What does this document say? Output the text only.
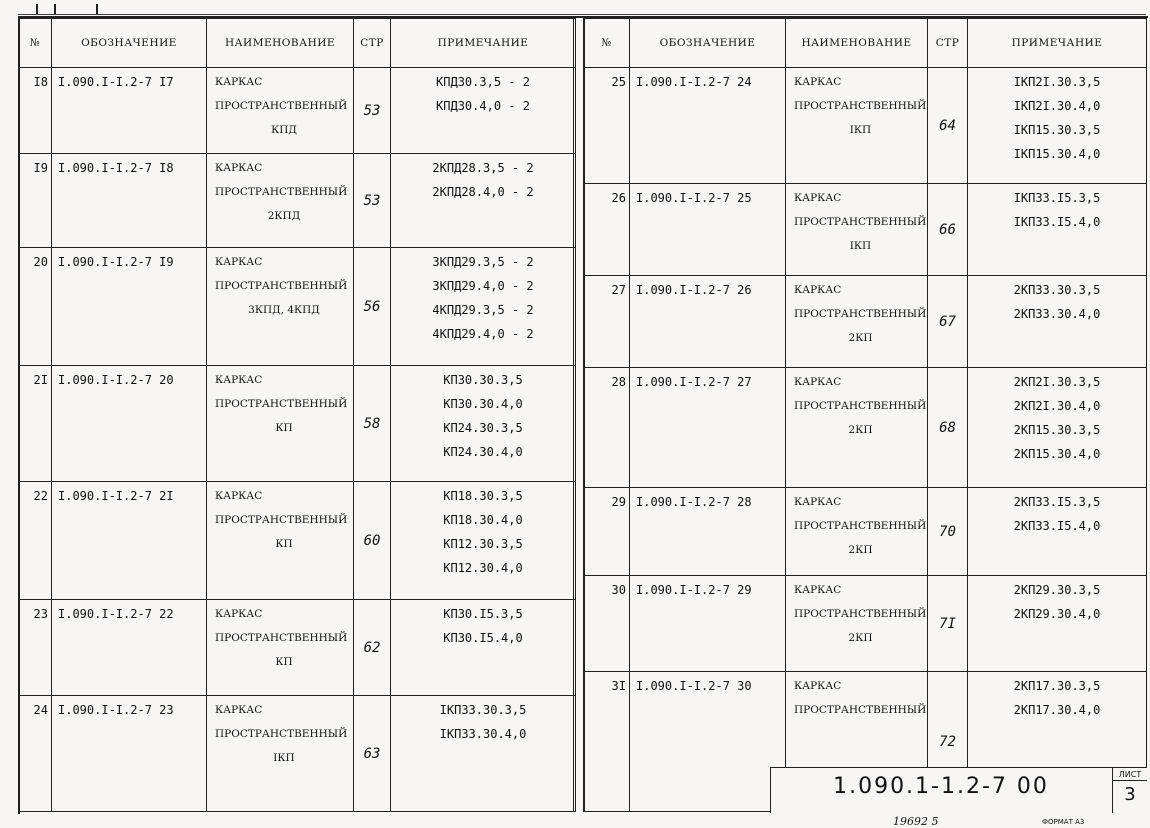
№	ОБОЗНАЧЕНИЕ	НАИМЕНОВАНИЕ	СТР	ПРИМЕЧАНИЕ
I8	I.090.I-I.2-7 I7	КАРКАС
ПРОСТРАНСТВЕННЫЙ
КПД	53	КПД30.3,5 - 2
КПД30.4,0 - 2

I9	I.090.I-I.2-7 I8	КАРКАС
ПРОСТРАНСТВЕННЫЙ
2КПД	53	2КПД28.3,5 - 2
2КПД28.4,0 - 2

20	I.090.I-I.2-7 I9	КАРКАС
ПРОСТРАНСТВЕННЫЙ
3КПД, 4КПД	56	3КПД29.3,5 - 2
3КПД29.4,0 - 2
4КПД29.3,5 - 2
4КПД29.4,0 - 2

2I	I.090.I-I.2-7 20	КАРКАС
ПРОСТРАНСТВЕННЫЙ
КП	58	КП30.30.3,5
КП30.30.4,0
КП24.30.3,5
КП24.30.4,0

22	I.090.I-I.2-7 2I	КАРКАС
ПРОСТРАНСТВЕННЫЙ
КП	60	КП18.30.3,5
КП18.30.4,0
КП12.30.3,5
КП12.30.4,0

23	I.090.I-I.2-7 22	КАРКАС
ПРОСТРАНСТВЕННЫЙ
КП	62	КП30.I5.3,5
КП30.I5.4,0

24	I.090.I-I.2-7 23	КАРКАС
ПРОСТРАНСТВЕННЫЙ
IКП	63	IКП33.30.3,5
IКП33.30.4,0
№	ОБОЗНАЧЕНИЕ	НАИМЕНОВАНИЕ	СТР	ПРИМЕЧАНИЕ
25	I.090.I-I.2-7 24	КАРКАС
ПРОСТРАНСТВЕННЫЙ
IКП	64	IКП2I.30.3,5
IКП2I.30.4,0
IКП15.30.3,5
IКП15.30.4,0

26	I.090.I-I.2-7 25	КАРКАС
ПРОСТРАНСТВЕННЫЙ
IКП	66	IКП33.I5.3,5
IКП33.I5.4,0

27	I.090.I-I.2-7 26	КАРКАС
ПРОСТРАНСТВЕННЫЙ
2КП	67	2КП33.30.3,5
2КП33.30.4,0

28	I.090.I-I.2-7 27	КАРКАС
ПРОСТРАНСТВЕННЫЙ
2КП	68	2КП2I.30.3,5
2КП2I.30.4,0
2КП15.30.3,5
2КП15.30.4,0

29	I.090.I-I.2-7 28	КАРКАС
ПРОСТРАНСТВЕННЫЙ
2КП	70	2КП33.I5.3,5
2КП33.I5.4,0

30	I.090.I-I.2-7 29	КАРКАС
ПРОСТРАНСТВЕННЫЙ
2КП	7I	2КП29.30.3,5
2КП29.30.4,0

3I	I.090.I-I.2-7 30	КАРКАС
ПРОСТРАНСТВЕННЫЙ	72	2КП17.30.3,5
2КП17.30.4,0
1.090.1-1.2-7 00	ЛИСТ
3
19692 5	ФОРМАТ А3
